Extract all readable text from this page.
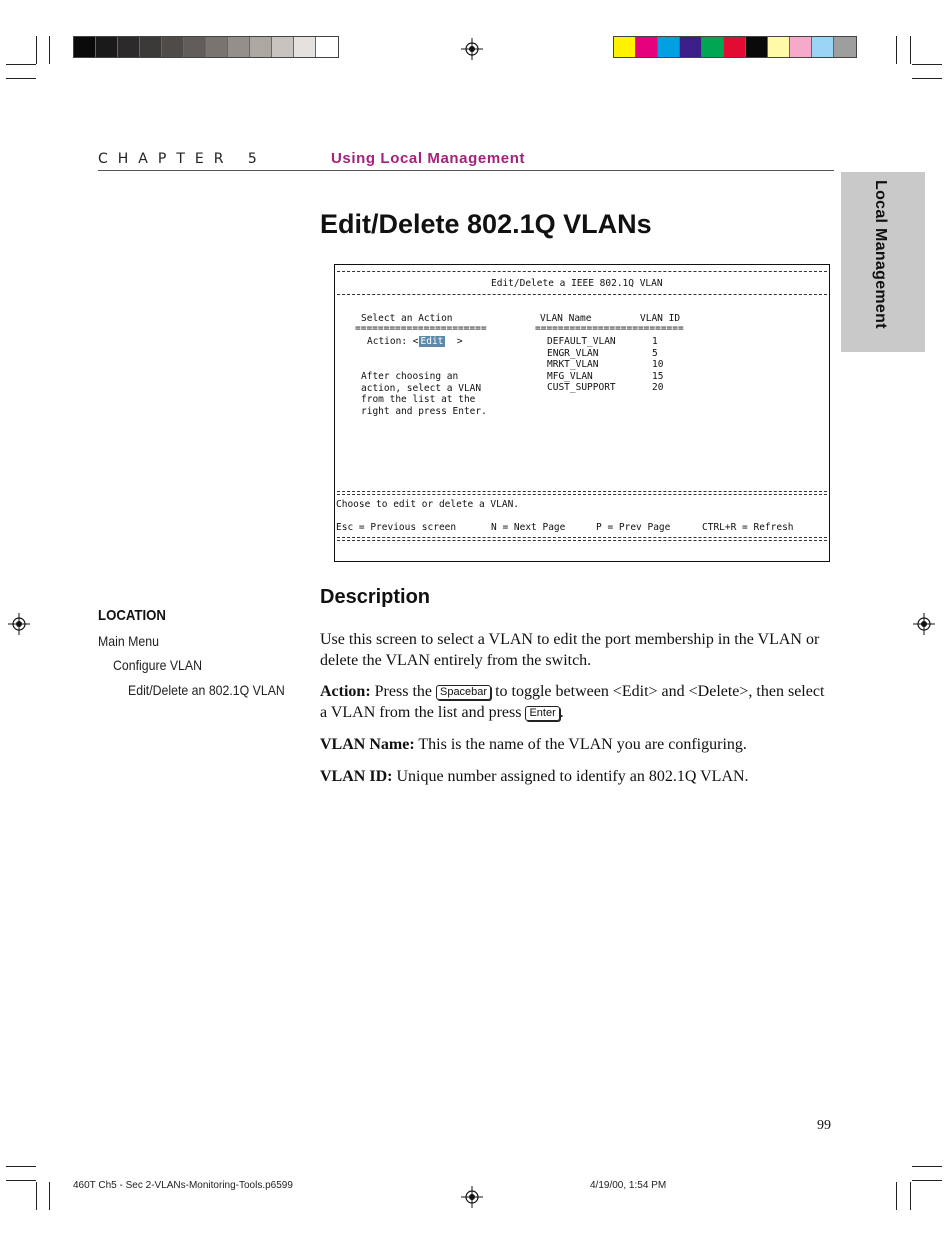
CHAPTER 5	Using Local Management
Local Management
Edit/Delete 802.1Q VLANs
Edit/Delete a IEEE 802.1Q VLAN
Select an Action
=======================
Action: < Edit  >
After choosing an
action, select a VLAN
from the list at the
right and press Enter.
VLAN Name	VLAN ID
==========================
DEFAULT_VLAN	1
ENGR_VLAN	5
MRKT_VLAN	10
MFG_VLAN	15
CUST_SUPPORT	20
Choose to edit or delete a VLAN.
Esc = Previous screen	N = Next Page	P = Prev Page	CTRL+R = Refresh
Description
Use this screen to select a VLAN to edit the port membership in the VLAN or delete the VLAN entirely from the switch.
Action: Press the Spacebar to toggle between <Edit> and <Delete>, then select a VLAN from the list and press Enter .
VLAN Name: This is the name of the VLAN you are configuring.
VLAN ID: Unique number assigned to identify an 802.1Q VLAN.
LOCATION
Main Menu
Configure VLAN
Edit/Delete an 802.1Q VLAN
99
460T Ch5 - Sec 2-VLANs-Monitoring-Tools.p6599	4/19/00, 1:54 PM
